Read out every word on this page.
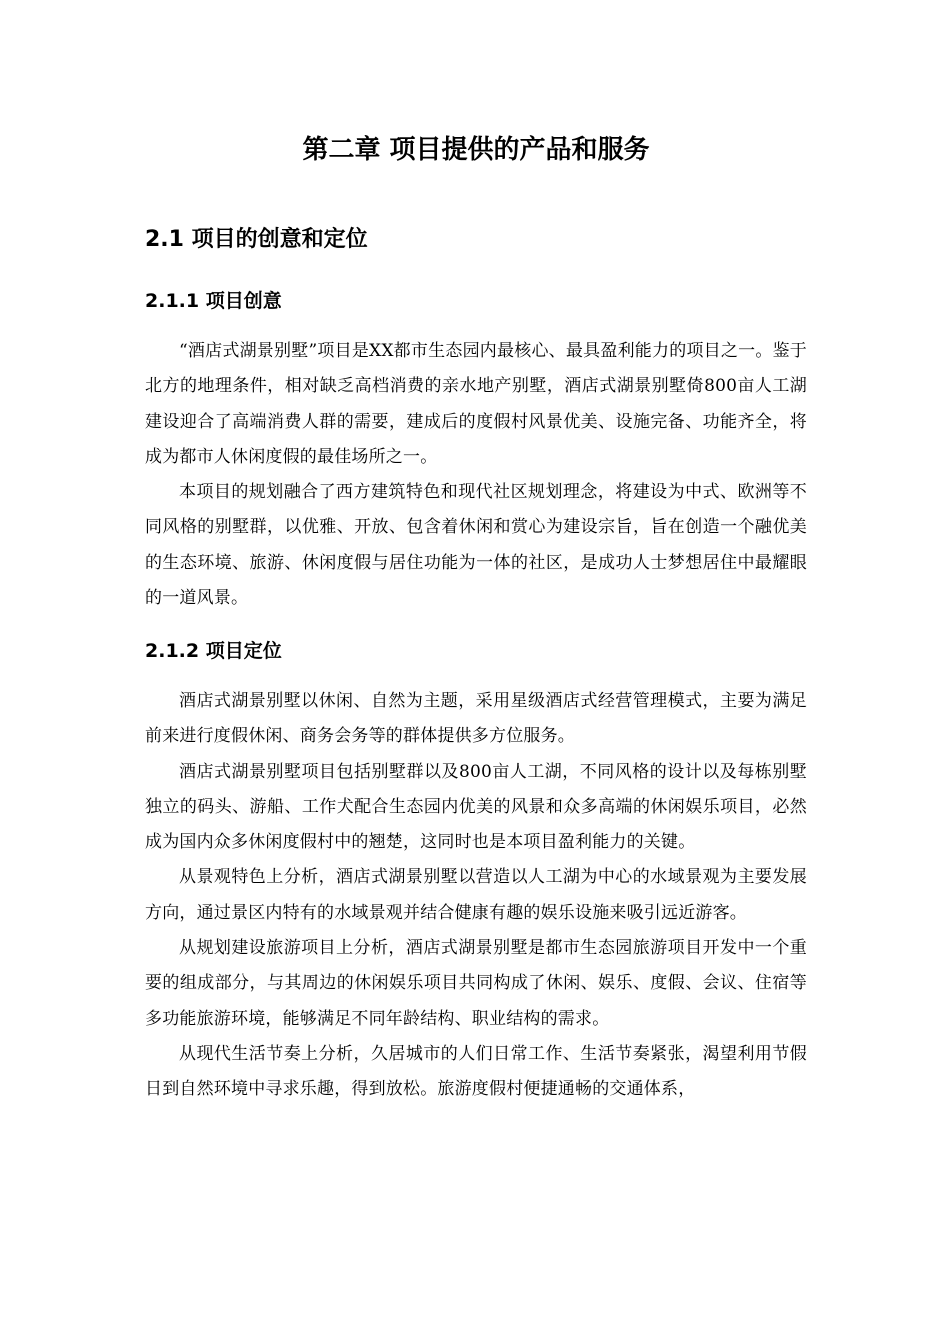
第二章 项目提供的产品和服务
2.1 项目的创意和定位
2.1.1 项目创意

“酒店式湖景别墅”项目是XX都市生态园内最核心、最具盈利能力的项目之一。鉴于北方的地理条件，相对缺乏高档消费的亲水地产别墅，酒店式湖景别墅倚800亩人工湖建设迎合了高端消费人群的需要，建成后的度假村风景优美、设施完备、功能齐全，将成为都市人休闲度假的最佳场所之一。

本项目的规划融合了西方建筑特色和现代社区规划理念，将建设为中式、欧洲等不同风格的别墅群，以优雅、开放、包含着休闲和赏心为建设宗旨，旨在创造一个融优美的生态环境、旅游、休闲度假与居住功能为一体的社区，是成功人士梦想居住中最耀眼的一道风景。

2.1.2 项目定位

酒店式湖景别墅以休闲、自然为主题，采用星级酒店式经营管理模式，主要为满足前来进行度假休闲、商务会务等的群体提供多方位服务。

酒店式湖景别墅项目包括别墅群以及800亩人工湖，不同风格的设计以及每栋别墅独立的码头、游船、工作犬配合生态园内优美的风景和众多高端的休闲娱乐项目，必然成为国内众多休闲度假村中的翘楚，这同时也是本项目盈利能力的关键。

从景观特色上分析，酒店式湖景别墅以营造以人工湖为中心的水域景观为主要发展方向，通过景区内特有的水域景观并结合健康有趣的娱乐设施来吸引远近游客。

从规划建设旅游项目上分析，酒店式湖景别墅是都市生态园旅游项目开发中一个重要的组成部分，与其周边的休闲娱乐项目共同构成了休闲、娱乐、度假、会议、住宿等多功能旅游环境，能够满足不同年龄结构、职业结构的需求。

从现代生活节奏上分析，久居城市的人们日常工作、生活节奏紧张，渴望利用节假日到自然环境中寻求乐趣，得到放松。旅游度假村便捷通畅的交通体系，
